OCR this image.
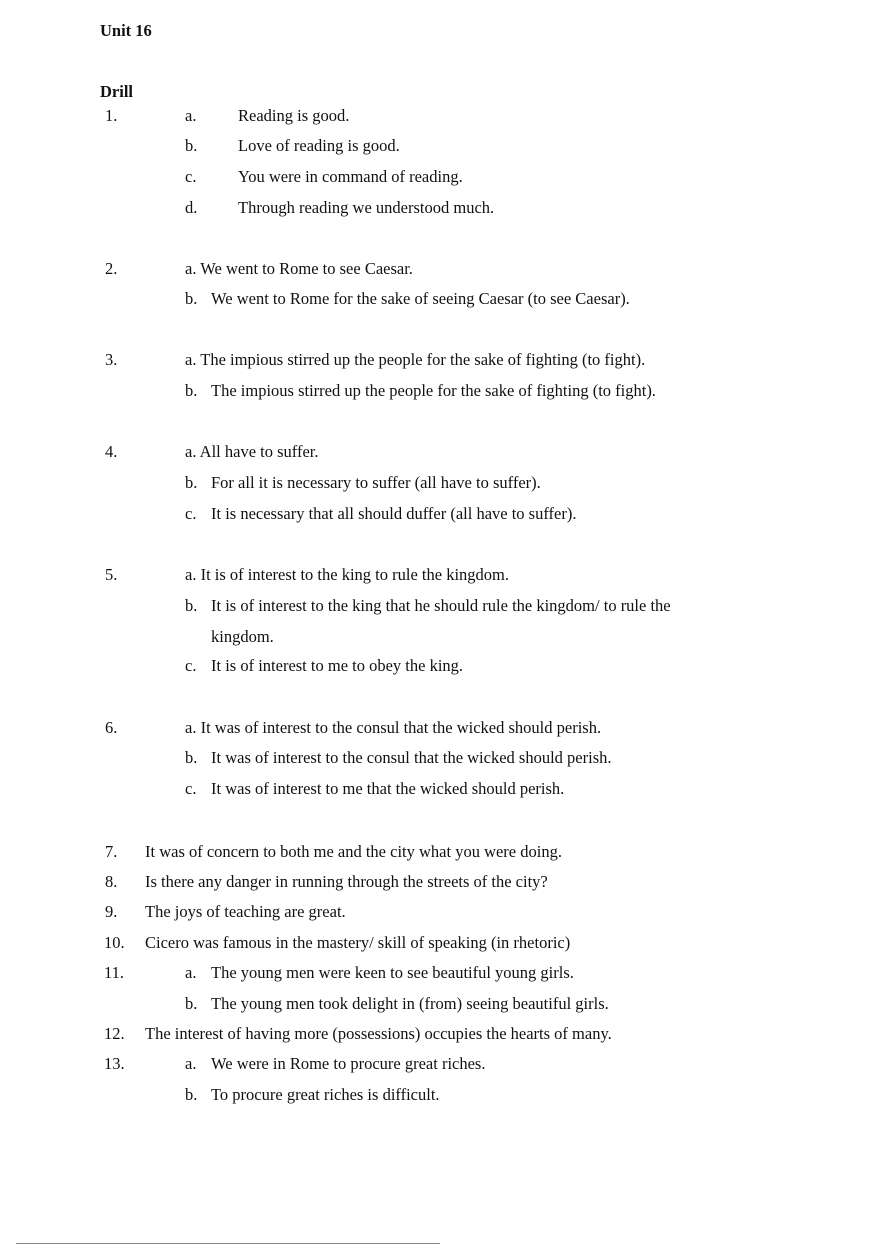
Unit 16
Drill
1.	a.	Reading is good.
b. Love of reading is good.
c.	You were in command of reading.
d. Through reading we understood much.
2.	a. We went to Rome to see Caesar.
b. We went to Rome for the sake of seeing Caesar (to see Caesar).
3.	a. The impious stirred up the people for the sake of fighting (to fight).
b. The impious stirred up the people for the sake of fighting (to fight).
4.	a. All have to suffer.
b. For all it is necessary to suffer (all have to suffer).
c. It is necessary that all should duffer (all have to suffer).
5.	a. It is of interest to the king to rule the kingdom.
b. It is of interest to the king that he should rule the kingdom/ to rule the
kingdom.
c. It is of interest to me to obey the king.
6.	a. It was of interest to the consul that the wicked should perish.
b. It was of interest to the consul that the wicked should perish.
c. It was of interest to me that the wicked should perish.
7. It was of concern to both me and the city what you were doing.
8. Is there any danger in running through the streets of the city?
9. The joys of teaching are great.
10. Cicero was famous in the mastery/ skill of speaking (in rhetoric)
11.	a. The young men were keen to see beautiful young girls.
b. The young men took delight in (from) seeing beautiful girls.
12. The interest of having more (possessions) occupies the hearts of many.
13.	a. We were in Rome to procure great riches.
b. To procure great riches is difficult.
